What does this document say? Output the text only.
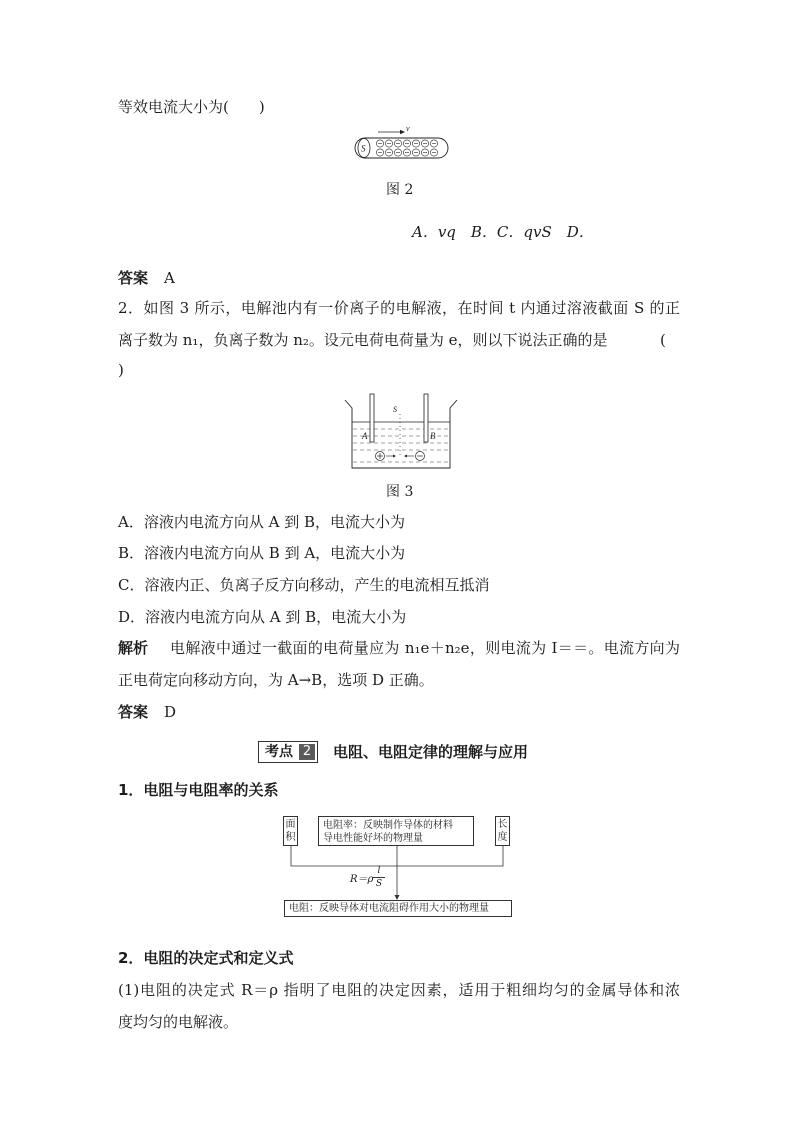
等效电流大小为(　　)
v
S
图 2
A．vq　B．C．qvS　D．
答案 A
2．如图 3 所示，电解池内有一价离子的电解液，在时间 t 内通过溶液截面 S 的正
离子数为 n₁，负离子数为 n₂。设元电荷电荷量为 e，则以下说法正确的是	(
)
A	B
S
图 3
A．溶液内电流方向从 A 到 B，电流大小为
B．溶液内电流方向从 B 到 A，电流大小为
C．溶液内正、负离子反方向移动，产生的电流相互抵消
D．溶液内电流方向从 A 到 B，电流大小为
解析	电解液中通过一截面的电荷量应为 n₁e＋n₂e，则电流为 I＝＝。电流方向为
正电荷定向移动方向，为 A→B，选项 D 正确。
答案 D
考点 2 电阻、电阻定律的理解与应用
1．电阻与电阻率的关系
面积
电阻率：反映制作导体的材料
导电性能好坏的物理量
长度
R＝ρ
l
S
电阻：反映导体对电流阻碍作用大小的物理量
2．电阻的决定式和定义式
(1)电阻的决定式 R＝ρ 指明了电阻的决定因素，适用于粗细均匀的金属导体和浓
度均匀的电解液。
